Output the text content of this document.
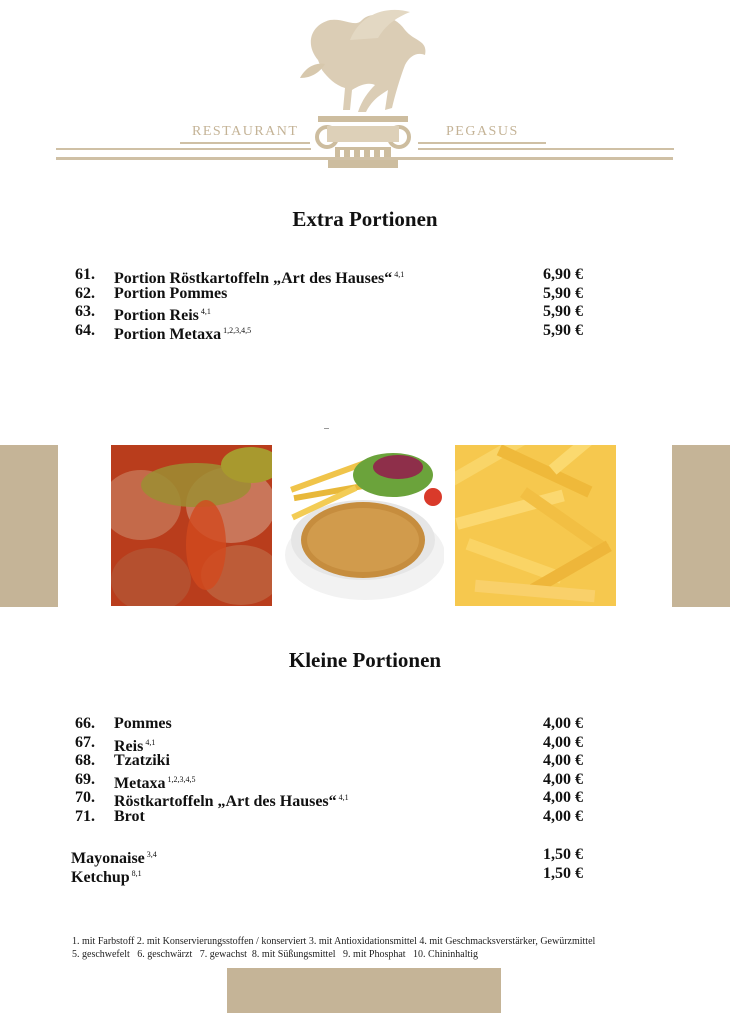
RESTAURANT	PEGASUS
Extra Portionen
61. Portion Röstkartoffeln „Art des Hauses“ $^{4,1}$	6,90 €
62. Portion Pommes	5,90 €
63. Portion Reis $^{4,1}$	5,90 €
64. Portion Metaxa $^{1,2,3,4,5}$	5,90 €
Kleine Portionen
66. Pommes	4,00 €
67. Reis $^{4,1}$	4,00 €
68. Tzatziki	4,00 €
69. Metaxa $^{1,2,3,4,5}$	4,00 €
70. Röstkartoffeln „Art des Hauses“ $^{4,1}$	4,00 €
71. Brot	4,00 €
Mayonaise $^{3,4}$	1,50 €
Ketchup $^{8,1}$	1,50 €
1. mit Farbstoff 2. mit Konservierungsstoffen / konserviert 3. mit Antioxidationsmittel 4. mit Geschmacksverstärker, Gewürzmittel
5. geschwefelt   6. geschwärzt   7. gewachst  8. mit Süßungsmittel   9. mit Phosphat   10. Chininhaltig
